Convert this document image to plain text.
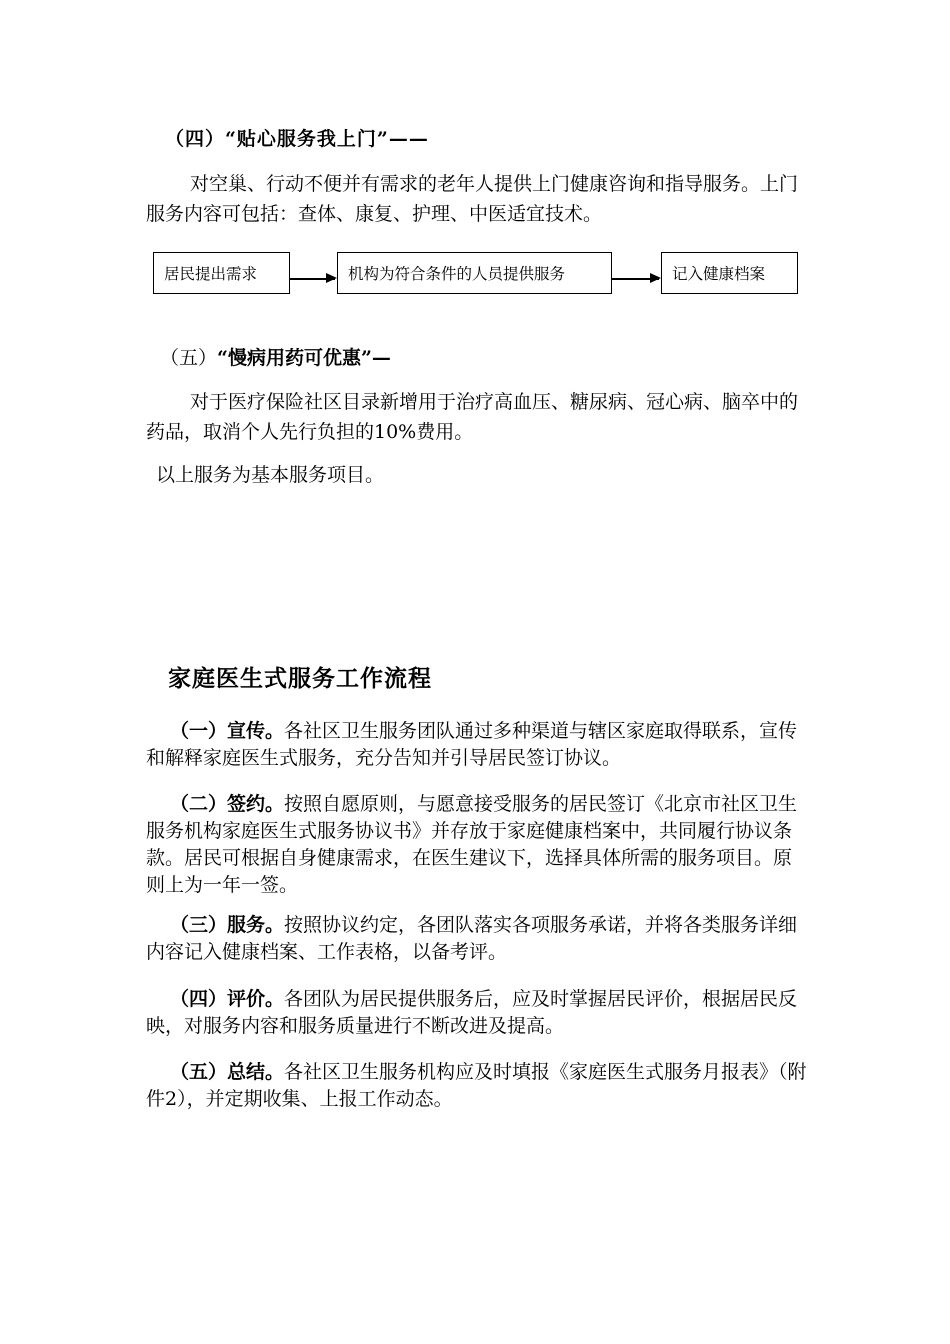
（四）“贴心服务我上门”——
对空巢、行动不便并有需求的老年人提供上门健康咨询和指导服务。上门服务内容可包括：查体、康复、护理、中医适宜技术。
居民提出需求	机构为符合条件的人员提供服务	记入健康档案
（五）“慢病用药可优惠”—
对于医疗保险社区目录新增用于治疗高血压、糖尿病、冠心病、脑卒中的药品，取消个人先行负担的10%费用。
以上服务为基本服务项目。
家庭医生式服务工作流程
（一）宣传。各社区卫生服务团队通过多种渠道与辖区家庭取得联系，宣传和解释家庭医生式服务，充分告知并引导居民签订协议。
（二）签约。按照自愿原则，与愿意接受服务的居民签订《北京市社区卫生服务机构家庭医生式服务协议书》并存放于家庭健康档案中，共同履行协议条款。居民可根据自身健康需求，在医生建议下，选择具体所需的服务项目。原则上为一年一签。
（三）服务。按照协议约定，各团队落实各项服务承诺，并将各类服务详细内容记入健康档案、工作表格，以备考评。
（四）评价。各团队为居民提供服务后，应及时掌握居民评价，根据居民反映，对服务内容和服务质量进行不断改进及提高。
（五）总结。各社区卫生服务机构应及时填报《家庭医生式服务月报表》（附件2），并定期收集、上报工作动态。
